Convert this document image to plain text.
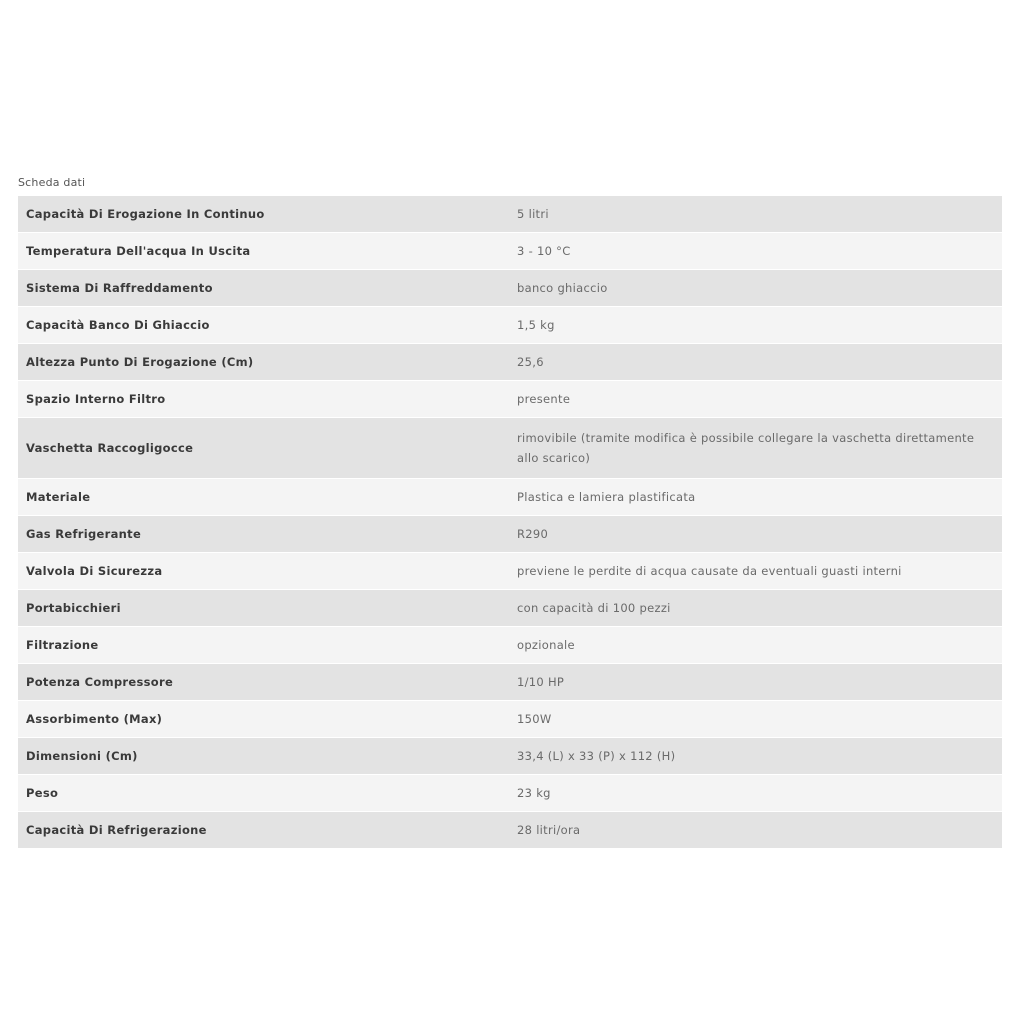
Scheda dati
Capacità Di Erogazione In Continuo	5 litri
Temperatura Dell'acqua In Uscita	3 - 10 °C
Sistema Di Raffreddamento	banco ghiaccio
Capacità Banco Di Ghiaccio	1,5 kg
Altezza Punto Di Erogazione (Cm)	25,6
Spazio Interno Filtro	presente
Vaschetta Raccogligocce	rimovibile (tramite modifica è possibile collegare la vaschetta direttamente allo scarico)
Materiale	Plastica e lamiera plastificata
Gas Refrigerante	R290
Valvola Di Sicurezza	previene le perdite di acqua causate da eventuali guasti interni
Portabicchieri	con capacità di 100 pezzi
Filtrazione	opzionale
Potenza Compressore	1/10 HP
Assorbimento (Max)	150W
Dimensioni (Cm)	33,4 (L) x 33 (P) x 112 (H)
Peso	23 kg
Capacità Di Refrigerazione	28 litri/ora
